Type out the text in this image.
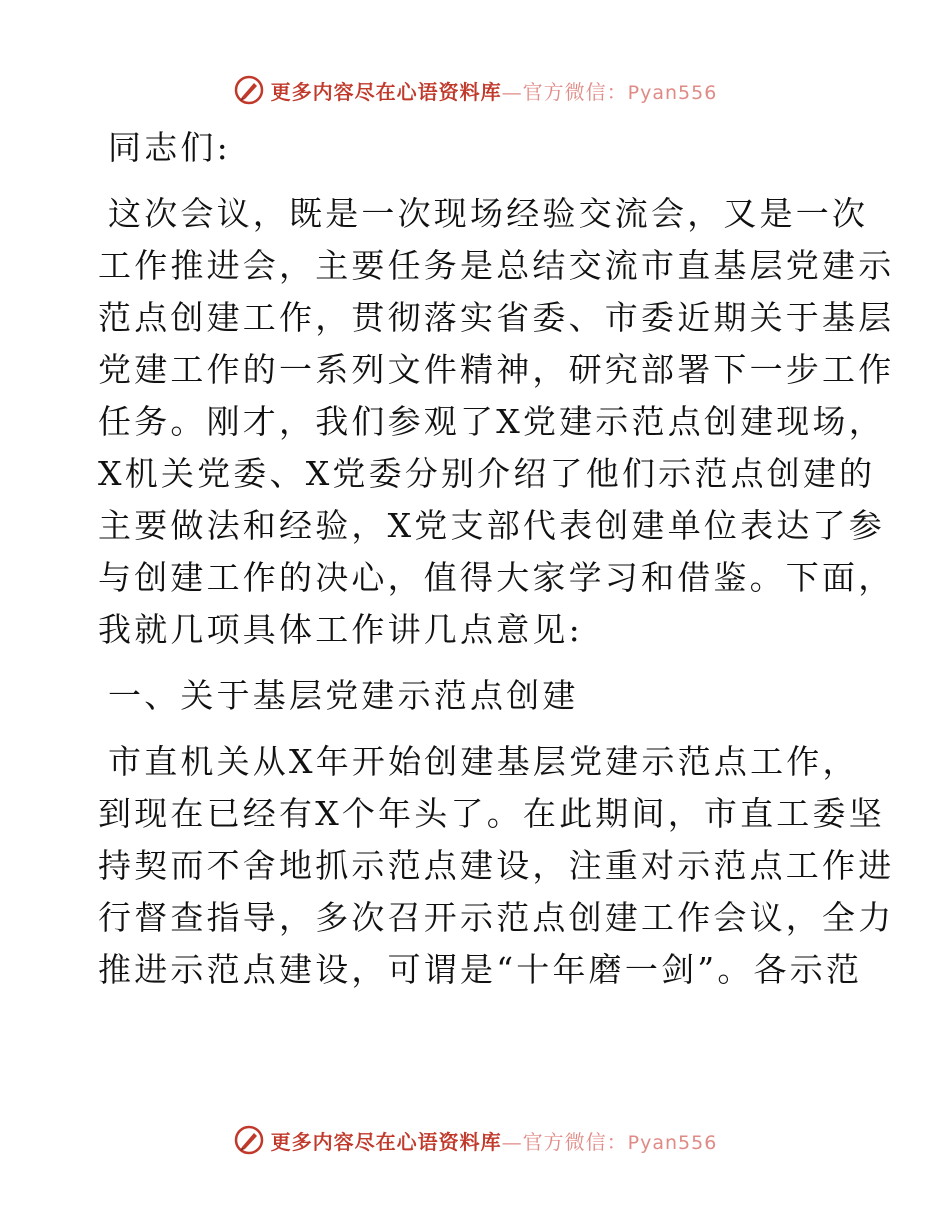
更多内容尽在心语资料库—官方微信：Pyan556
同志们:
这次会议，既是一次现场经验交流会，又是一次
工作推进会，主要任务是总结交流市直基层党建示
范点创建工作，贯彻落实省委、市委近期关于基层
党建工作的一系列文件精神，研究部署下一步工作
任务。刚才，我们参观了X党建示范点创建现场，
X机关党委、X党委分别介绍了他们示范点创建的
主要做法和经验，X党支部代表创建单位表达了参
与创建工作的决心，值得大家学习和借鉴。下面，
我就几项具体工作讲几点意见:
一、关于基层党建示范点创建
市直机关从X年开始创建基层党建示范点工作，
到现在已经有X个年头了。在此期间，市直工委坚
持契而不舍地抓示范点建设，注重对示范点工作进
行督查指导，多次召开示范点创建工作会议，全力
推进示范点建设，可谓是“十年磨一剑”。各示范
更多内容尽在心语资料库—官方微信：Pyan556
